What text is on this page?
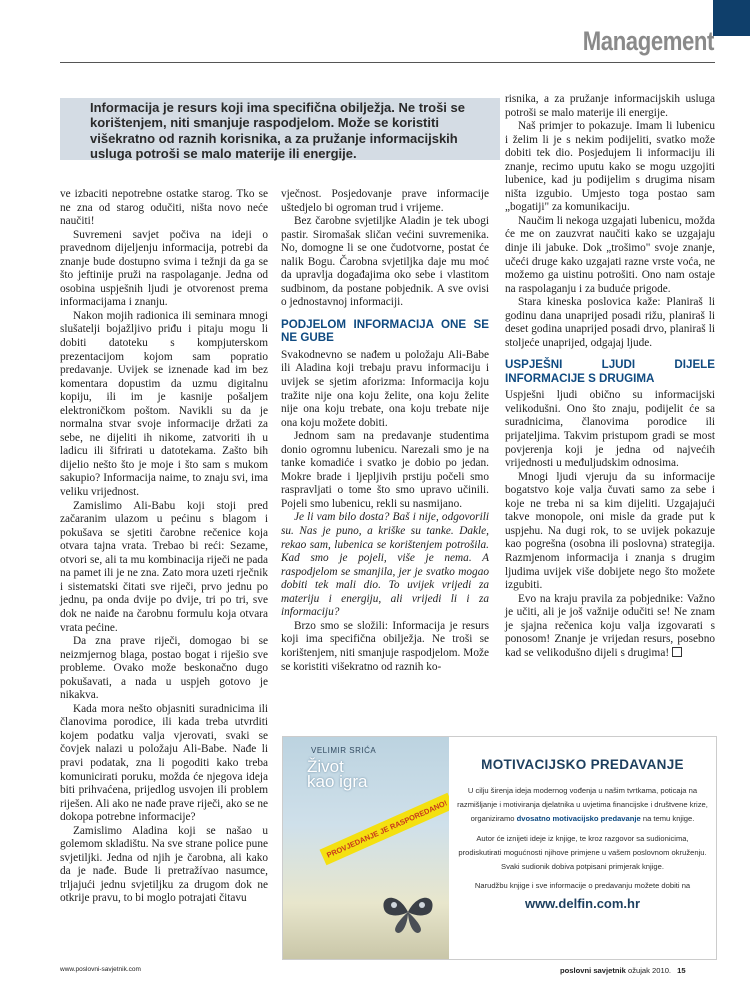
Management

Informacija je resurs koji ima specifična obilježja. Ne troši se korištenjem, niti smanjuje raspodjelom. Može se koristiti višekratno od raznih korisnika, a za pružanje informacijskih usluga potroši se malo materije ili energije.

ve izbaciti nepotrebne ostatke starog. Tko se ne zna od starog odučiti, ništa novo neće naučiti!

Suvremeni savjet počiva na ideji o pravednom dijeljenju informacija, potrebi da znanje bude dostupno svima i težnji da ga se što jeftinije pruži na raspolaganje. Jedna od osobina uspješnih ljudi je otvorenost prema informacijama i znanju.

Nakon mojih radionica ili seminara mnogi slušatelji bojažljivo priđu i pitaju mogu li dobiti datoteku s kompjuterskom prezentacijom kojom sam popratio predavanje. Uvijek se iznenade kad im bez komentara dopustim da uzmu digitalnu kopiju, ili im je kasnije pošaljem elektroničkom poštom. Navikli su da je normalna stvar svoje informacije držati za sebe, ne dijeliti ih nikome, zatvoriti ih u ladicu ili šifrirati u datotekama. Zašto bih dijelio nešto što je moje i što sam s mukom sakupio? Informacija naime, to znaju svi, ima veliku vrijednost.

Zamislimo Ali-Babu koji stoji pred začaranim ulazom u pećinu s blagom i pokušava se sjetiti čarobne rečenice koja otvara tajna vrata. Trebao bi reći: Sezame, otvori se, ali ta mu kombinacija riječi ne pada na pamet ili je ne zna. Zato mora uzeti rječnik i sistematski čitati sve riječi, prvo jednu po jednu, pa onda dvije po dvije, tri po tri, sve dok ne naiđe na čarobnu formulu koja otvara vrata pećine.

Da zna prave riječi, domogao bi se neizmjernog blaga, postao bogat i riješio sve probleme. Ovako može beskonačno dugo pokušavati, a nada u uspjeh gotovo je nikakva.

Kada mora nešto objasniti suradnicima ili članovima porodice, ili kada treba utvrditi kojem podatku valja vjerovati, svaki se čovjek nalazi u položaju Ali-Babe. Nađe li pravi podatak, zna li pogoditi kako treba komunicirati poruku, možda će njegova ideja biti prihvaćena, prijedlog usvojen ili problem riješen. Ali ako ne nađe prave riječi, ako se ne dokopa potrebne informacije?

Zamislimo Aladina koji se našao u golemom skladištu. Na sve strane police pune svjetiljki. Jedna od njih je čarobna, ali kako da je nađe. Bude li pretražívao nasumce, trljajući jednu svjetiljku za drugom dok ne otkrije pravu, to bi moglo potrajati čitavu

vječnost. Posjedovanje prave informacije uštedjelo bi ogroman trud i vrijeme.

Bez čarobne svjetiljke Aladin je tek ubogi pastir. Siromašak sličan većini suvremenika. No, domogne li se one čudotvorne, postat će nalik Bogu. Čarobna svjetiljka daje mu moć da upravlja događajima oko sebe i vlastitom sudbinom, da postane pobjednik. A sve ovisi o jednostavnoj informaciji.

PODJELOM INFORMACIJA ONE SE NE GUBE

Svakodnevno se nađem u položaju Ali-Babe ili Aladina koji trebaju pravu informaciju i uvijek se sjetim aforizma: Informacija koju tražite nije ona koju želite, ona koju želite nije ona koju trebate, ona koju trebate nije ona koju možete dobiti.

Jednom sam na predavanje studentima donio ogromnu lubenicu. Narezali smo je na tanke komadiće i svatko je dobio po jedan. Mokre brade i ljepljivih prstiju počeli smo raspravljati o tome što smo upravo učinili. Pojeli smo lubenicu, rekli su nasmijano.

Je li vam bilo dosta? Baš i nije, odgovorili su. Nas je puno, a kriške su tanke. Dakle, rekao sam, lubenica se korištenjem potrošila. Kad smo je pojeli, više je nema. A raspodjelom se smanjila, jer je svatko mogao dobiti tek mali dio. To uvijek vrijedi za materiju i energiju, ali vrijedi li i za informaciju?

Brzo smo se složili: Informacija je resurs koji ima specifična obilježja. Ne troši se korištenjem, niti smanjuje raspodjelom. Može se koristiti višekratno od raznih ko-

risnika, a za pružanje informacijskih usluga potroši se malo materije ili energije.

Naš primjer to pokazuje. Imam li lubenicu i želim li je s nekim podijeliti, svatko može dobiti tek dio. Posjedujem li informaciju ili znanje, recimo uputu kako se mogu uzgojiti lubenice, kad ju podijelim s drugima nisam ništa izgubio. Umjesto toga postao sam „bogatiji" za komunikaciju.

Naučim li nekoga uzgajati lubenicu, možda će me on zauzvrat naučiti kako se uzgajaju dinje ili jabuke. Dok „trošimo" svoje znanje, učeći druge kako uzgajati razne vrste voća, ne možemo ga uistinu potrošiti. Ono nam ostaje na raspolaganju i za buduće prigode.

Stara kineska poslovica kaže: Planiraš li godinu dana unaprijed posadi rižu, planiraš li deset godina unaprijed posadi drvo, planiraš li stoljeće unaprijed, odgajaj ljude.

USPJEŠNI LJUDI DIJELE INFORMACIJE S DRUGIMA

Uspješni ljudi obično su informacijski velikodušni. Ono što znaju, podijelit će sa suradnicima, članovima porodice ili prijateljima. Takvim pristupom gradi se most povjerenja koji je jedna od najvećih vrijednosti u međuljudskim odnosima.

Mnogi ljudi vjeruju da su informacije bogatstvo koje valja čuvati samo za sebe i koje ne treba ni sa kim dijeliti. Uzgajajući takve monopole, oni misle da grade put k uspjehu. Na dugi rok, to se uvijek pokazuje kao pogrešna (osobna ili poslovna) strategija. Razmjenom informacija i znanja s drugim ljudima uvijek više dobijete nego što možete izgubiti.

Evo na kraju pravila za pobjednike: Važno je učiti, ali je još važnije odučiti se! Ne znam je sjajna rečenica koju valja izgovarati s ponosom! Znanje je vrijedan resurs, posebno kad se velikodušno dijeli s drugima!

VELIMIR SRIĆA
Život
kao igra
PROVJEDANJE JE RASPOREDANO!
MOTIVACIJSKO PREDAVANJE
U cilju širenja ideja modernog vođenja u našim tvrtkama, poticaja na razmišljanje i motiviranja djelatnika u uvjetima financijske i društvene krize, organiziramo dvosatno motivacijsko predavanje na temu knjige.
Autor će iznijeti ideje iz knjige, te kroz razgovor sa sudionicima, prodiskutirati mogućnosti njihove primjene u vašem poslovnom okruženju. Svaki sudionik dobiva potpisani primjerak knjige.
Narudžbu knjige i sve informacije o predavanju možete dobiti na
www.delfin.com.hr
www.poslovni-savjetnik.com	poslovni savjetnik ožujak 2010. 15
